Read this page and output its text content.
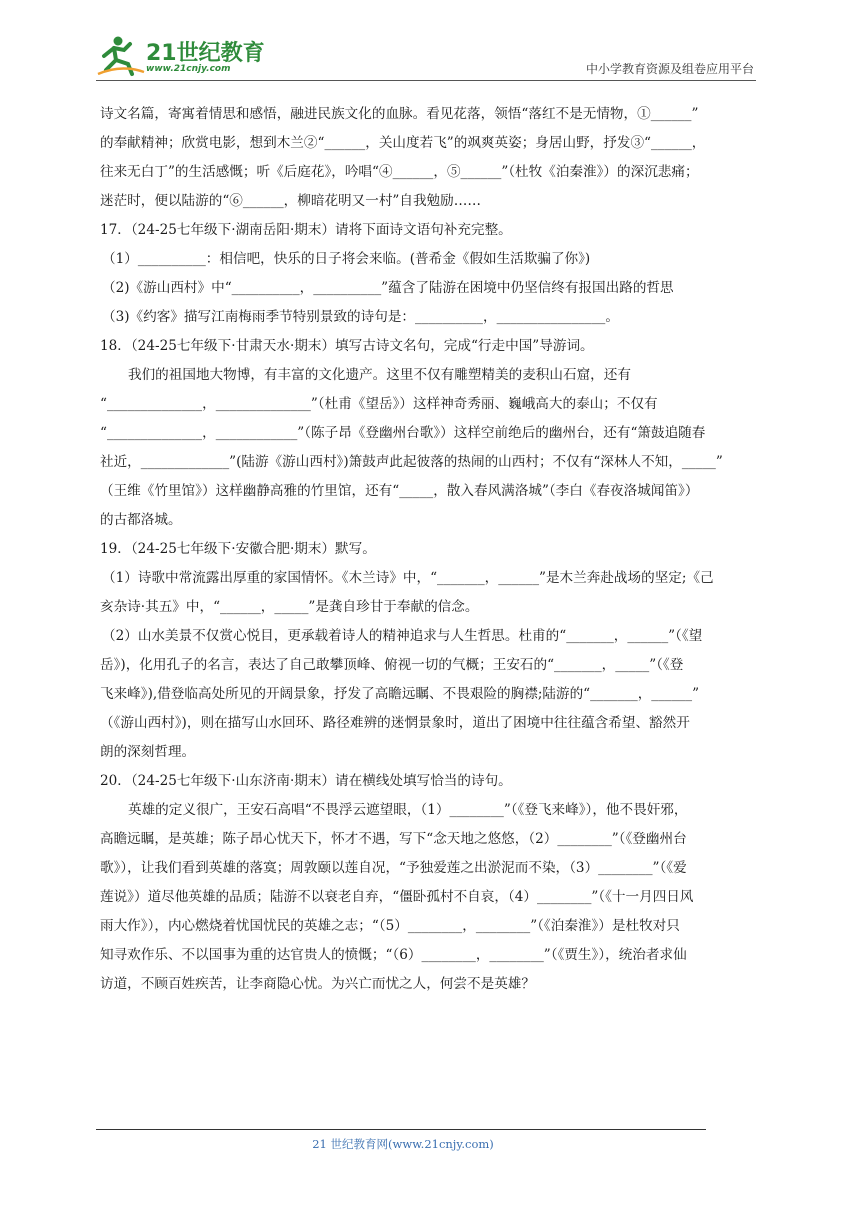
21世纪教育
www.21cnjy.com	中小学教育资源及组卷应用平台

诗文名篇，寄寓着情思和感悟，融进民族文化的血脉。看见花落，领悟“落红不是无情物，①______”

的奉献精神；欣赏电影，想到木兰②“______，关山度若飞”的飒爽英姿；身居山野，抒发③“______，

往来无白丁”的生活感慨；听《后庭花》，吟唱“④______，⑤______”（杜牧《泊秦淮》）的深沉悲痛；

迷茫时，便以陆游的“⑥______，柳暗花明又一村”自我勉励……

17．（24-25七年级下·湖南岳阳·期末）请将下面诗文语句补充完整。

（1）__________：相信吧，快乐的日子将会来临。(普希金《假如生活欺骗了你》)

（2)《游山西村》中“__________，__________”蕴含了陆游在困境中仍坚信终有报国出路的哲思

（3)《约客》描写江南梅雨季节特别景致的诗句是：__________，________________。

18．（24-25七年级下·甘肃天水·期末）填写古诗文名句，完成“行走中国”导游词。

我们的祖国地大物博，有丰富的文化遗产。这里不仅有雕塑精美的麦积山石窟，还有

“______________，______________”（杜甫《望岳》）这样神奇秀丽、巍峨高大的泰山；不仅有

“______________，____________”（陈子昂《登幽州台歌》）这样空前绝后的幽州台，还有“箫鼓追随春

社近，_____________”(陆游《游山西村》)箫鼓声此起彼落的热闹的山西村；不仅有“深林人不知，_____”

（王维《竹里馆》）这样幽静高雅的竹里馆，还有“_____，散入春风满洛城”（李白《春夜洛城闻笛》）

的古都洛城。

19．（24-25七年级下·安徽合肥·期末）默写。

（1）诗歌中常流露出厚重的家国情怀。《木兰诗》中，“_______，______”是木兰奔赴战场的坚定;《己

亥杂诗·其五》中，“______，_____”是龚自珍甘于奉献的信念。

（2）山水美景不仅赏心悦目，更承载着诗人的精神追求与人生哲思。杜甫的“_______，______”（《望

岳》)，化用孔子的名言，表达了自己敢攀顶峰、俯视一切的气概；王安石的“_______，_____”（《登

飞来峰》),借登临高处所见的开阔景象，抒发了高瞻远瞩、不畏艰险的胸襟;陆游的“_______，______”

（《游山西村》)，则在描写山水回环、路径难辨的迷惘景象时，道出了困境中往往蕴含希望、豁然开

朗的深刻哲理。

20．（24-25七年级下·山东济南·期末）请在横线处填写恰当的诗句。

英雄的定义很广，王安石高唱“不畏浮云遮望眼，（1）________”（《登飞来峰》），他不畏奸邪，

高瞻远瞩，是英雄；陈子昂心忧天下，怀才不遇，写下“念天地之悠悠，（2）________”（《登幽州台

歌》），让我们看到英雄的落寞；周敦颐以莲自况，“予独爱莲之出淤泥而不染，（3）________”（《爱

莲说》）道尽他英雄的品质；陆游不以衰老自弃，“僵卧孤村不自哀，（4）________”（《十一月四日风

雨大作》），内心燃烧着忧国忧民的英雄之志；“（5）________，________”（《泊秦淮》）是杜牧对只

知寻欢作乐、不以国事为重的达官贵人的愤慨；“（6）________，________”（《贾生》），统治者求仙

访道，不顾百姓疾苦，让李商隐心忧。为兴亡而忧之人，何尝不是英雄？

21 世纪教育网(www.21cnjy.com)
